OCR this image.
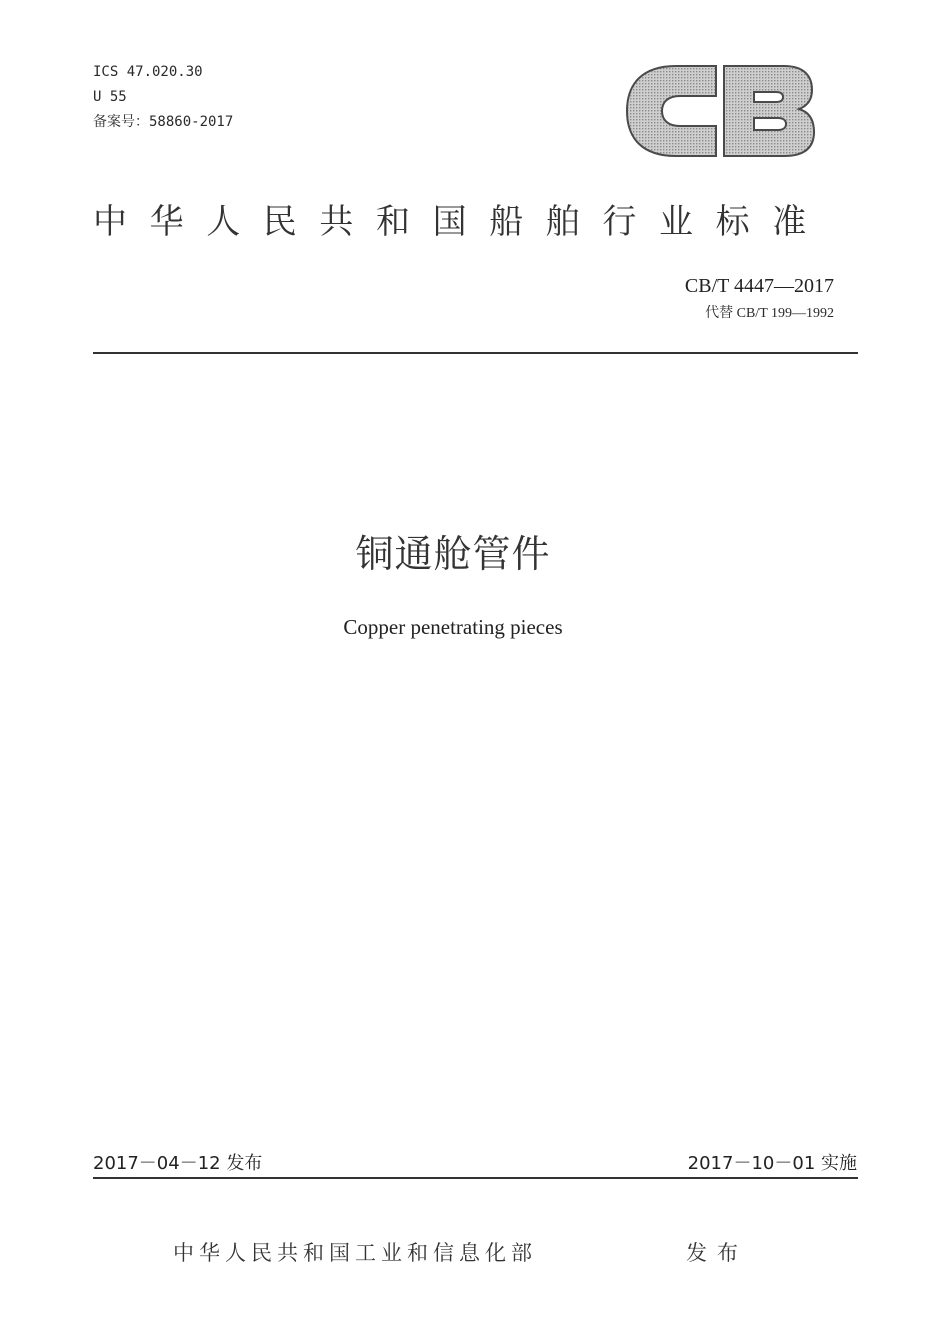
ICS 47.020.30
U 55
备案号：58860-2017
中华人民共和国船舶行业标准
CB/T 4447—2017
代替 CB/T 199—1992
铜通舱管件
Copper penetrating pieces
2017－04－12 发布	2017－10－01 实施
中华人民共和国工业和信息化部	发布
